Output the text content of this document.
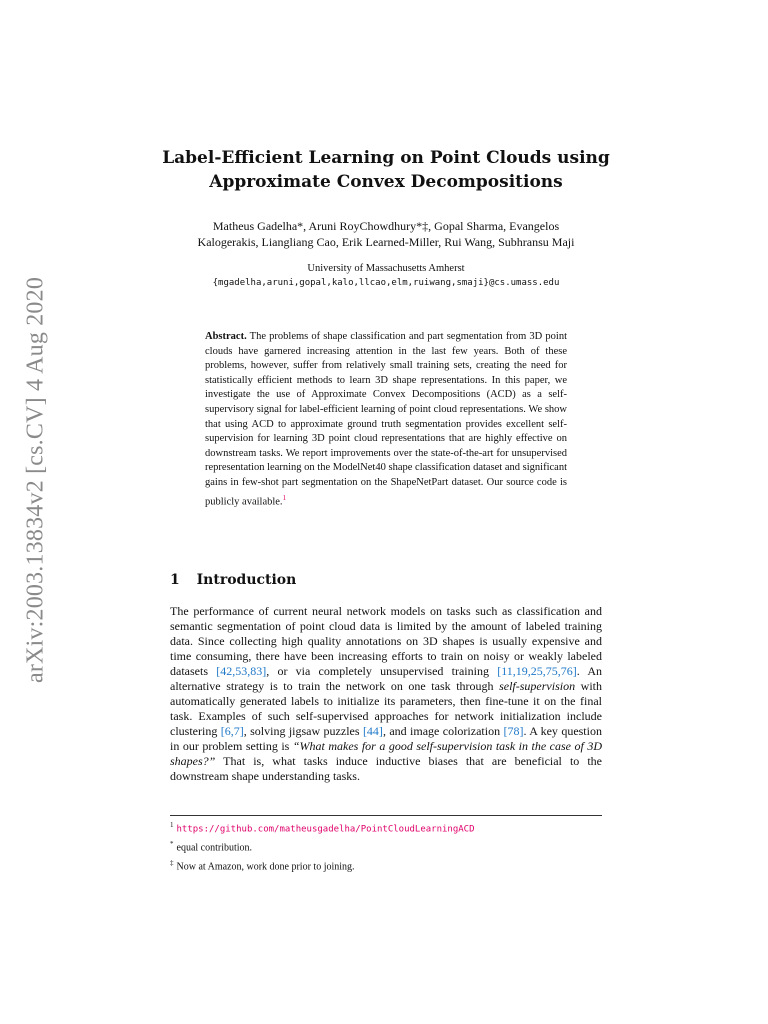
arXiv:2003.13834v2 [cs.CV] 4 Aug 2020
Label-Efficient Learning on Point Clouds using
Approximate Convex Decompositions
Matheus Gadelha*, Aruni RoyChowdhury*‡, Gopal Sharma, Evangelos
Kalogerakis, Liangliang Cao, Erik Learned-Miller, Rui Wang, Subhransu Maji
University of Massachusetts Amherst
{mgadelha,aruni,gopal,kalo,llcao,elm,ruiwang,smaji}@cs.umass.edu
Abstract. The problems of shape classification and part segmentation from 3D point clouds have garnered increasing attention in the last few years. Both of these problems, however, suffer from relatively small training sets, creating the need for statistically efficient methods to learn 3D shape representations. In this paper, we investigate the use of Approximate Convex Decompositions (ACD) as a self-supervisory signal for label-efficient learning of point cloud representations. We show that using ACD to approximate ground truth segmentation provides excellent self-supervision for learning 3D point cloud representations that are highly effective on downstream tasks. We report improvements over the state-of-the-art for unsupervised representation learning on the ModelNet40 shape classification dataset and significant gains in few-shot part segmentation on the ShapeNetPart dataset. Our source code is publicly available.$^1$
1 Introduction
The performance of current neural network models on tasks such as classification and semantic segmentation of point cloud data is limited by the amount of labeled training data. Since collecting high quality annotations on 3D shapes is usually expensive and time consuming, there have been increasing efforts to train on noisy or weakly labeled datasets [42,53,83], or via completely unsupervised training [11,19,25,75,76]. An alternative strategy is to train the network on one task through self-supervision with automatically generated labels to initialize its parameters, then fine-tune it on the final task. Examples of such self-supervised approaches for network initialization include clustering [6,7], solving jigsaw puzzles [44], and image colorization [78]. A key question in our problem setting is “What makes for a good self-supervision task in the case of 3D shapes?” That is, what tasks induce inductive biases that are beneficial to the downstream shape understanding tasks.
$^1$ https://github.com/matheusgadelha/PointCloudLearningACD
* equal contribution.
‡ Now at Amazon, work done prior to joining.
